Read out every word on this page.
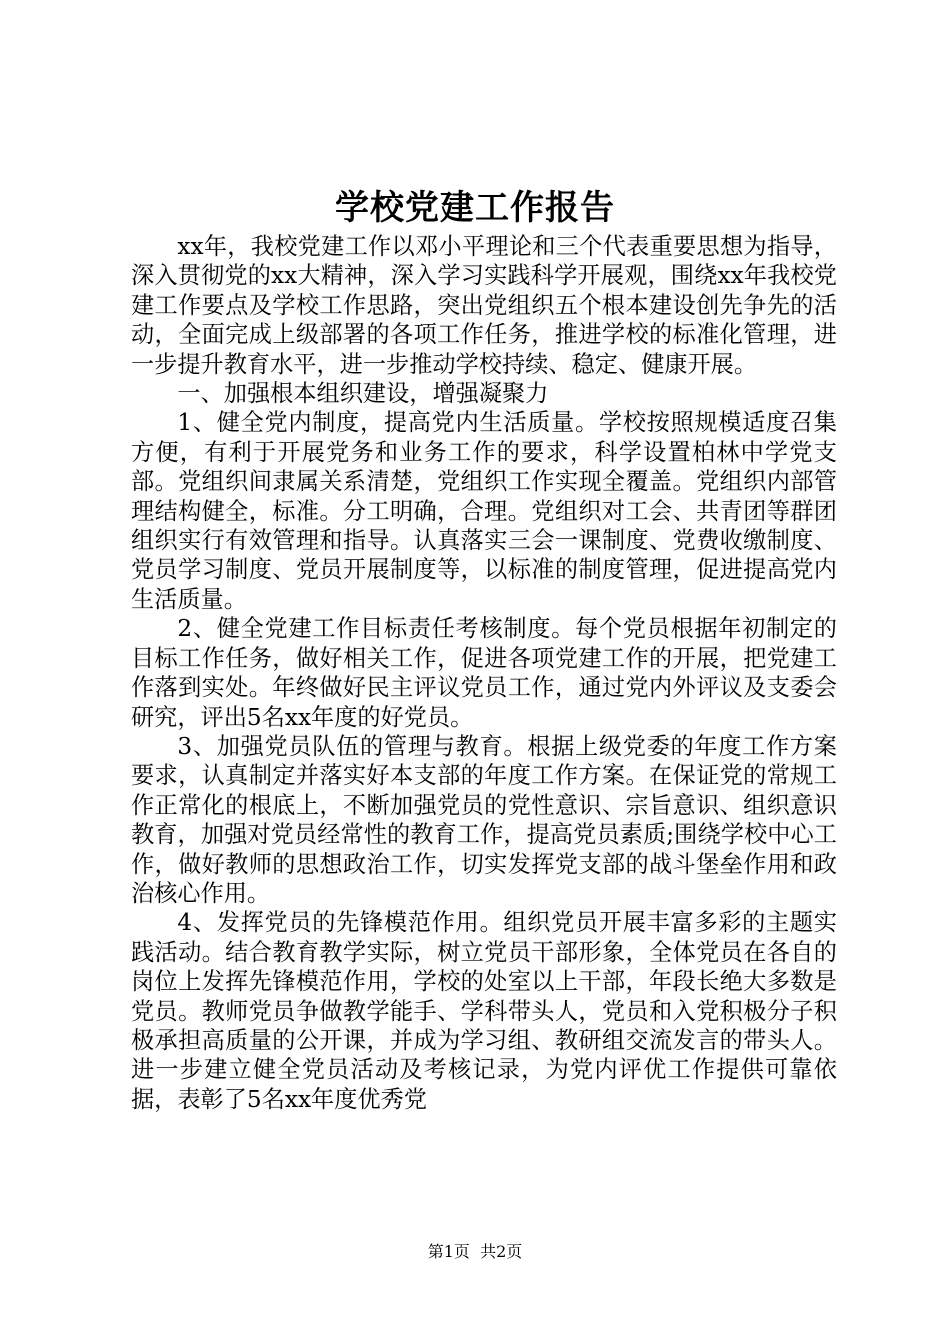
学校党建工作报告

xx年，我校党建工作以邓小平理论和三个代表重要思想为指导，深入贯彻党的xx大精神，深入学习实践科学开展观，围绕xx年我校党建工作要点及学校工作思路，突出党组织五个根本建设创先争先的活动，全面完成上级部署的各项工作任务，推进学校的标准化管理，进一步提升教育水平，进一步推动学校持续、稳定、健康开展。

一、加强根本组织建设，增强凝聚力

1、健全党内制度，提高党内生活质量。学校按照规模适度召集方便，有利于开展党务和业务工作的要求，科学设置柏林中学党支部。党组织间隶属关系清楚，党组织工作实现全覆盖。党组织内部管理结构健全，标准。分工明确，合理。党组织对工会、共青团等群团组织实行有效管理和指导。认真落实三会一课制度、党费收缴制度、党员学习制度、党员开展制度等，以标准的制度管理，促进提高党内生活质量。

2、健全党建工作目标责任考核制度。每个党员根据年初制定的目标工作任务，做好相关工作，促进各项党建工作的开展，把党建工作落到实处。年终做好民主评议党员工作，通过党内外评议及支委会研究，评出5名xx年度的好党员。

3、加强党员队伍的管理与教育。根据上级党委的年度工作方案要求，认真制定并落实好本支部的年度工作方案。在保证党的常规工作正常化的根底上，不断加强党员的党性意识、宗旨意识、组织意识教育，加强对党员经常性的教育工作，提高党员素质;围绕学校中心工作，做好教师的思想政治工作，切实发挥党支部的战斗堡垒作用和政治核心作用。

4、发挥党员的先锋模范作用。组织党员开展丰富多彩的主题实践活动。结合教育教学实际，树立党员干部形象，全体党员在各自的岗位上发挥先锋模范作用，学校的处室以上干部，年段长绝大多数是党员。教师党员争做教学能手、学科带头人，党员和入党积极分子积极承担高质量的公开课，并成为学习组、教研组交流发言的带头人。进一步建立健全党员活动及考核记录，为党内评优工作提供可靠依据，表彰了5名xx年度优秀党

第1页 共2页
